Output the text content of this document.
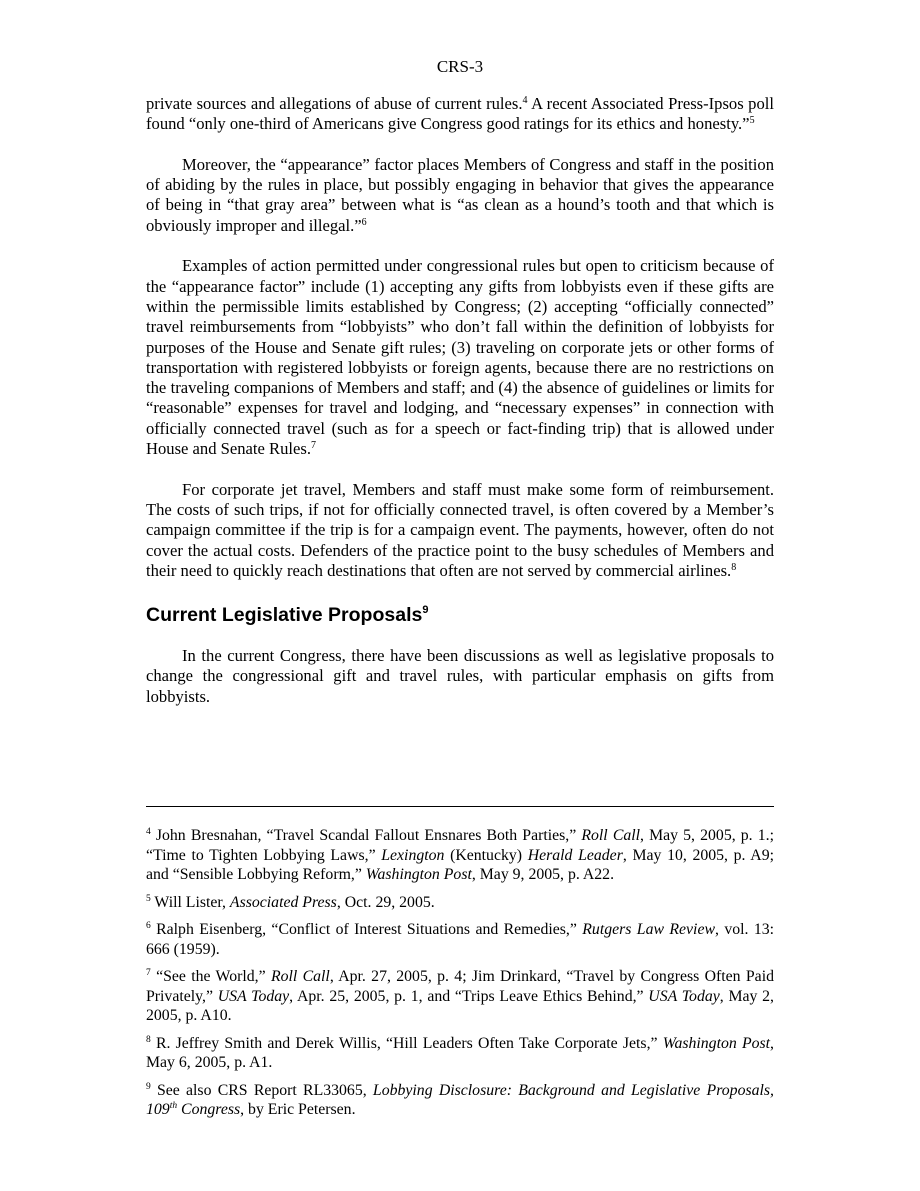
CRS-3

private sources and allegations of abuse of current rules.$^4$ A recent Associated Press-Ipsos poll found “only one-third of Americans give Congress good ratings for its ethics and honesty.”$^5$

Moreover, the “appearance” factor places Members of Congress and staff in the position of abiding by the rules in place, but possibly engaging in behavior that gives the appearance of being in “that gray area” between what is “as clean as a hound’s tooth and that which is obviously improper and illegal.”$^6$

Examples of action permitted under congressional rules but open to criticism because of the “appearance factor” include (1) accepting any gifts from lobbyists even if these gifts are within the permissible limits established by Congress; (2) accepting “officially connected” travel reimbursements from “lobbyists” who don’t fall within the definition of lobbyists for purposes of the House and Senate gift rules; (3) traveling on corporate jets or other forms of transportation with registered lobbyists or foreign agents, because there are no restrictions on the traveling companions of Members and staff; and (4) the absence of guidelines or limits for “reasonable” expenses for travel and lodging, and “necessary expenses” in connection with officially connected travel (such as for a speech or fact-finding trip) that is allowed under House and Senate Rules.$^7$

For corporate jet travel, Members and staff must make some form of reimbursement. The costs of such trips, if not for officially connected travel, is often covered by a Member’s campaign committee if the trip is for a campaign event. The payments, however, often do not cover the actual costs. Defenders of the practice point to the busy schedules of Members and their need to quickly reach destinations that often are not served by commercial airlines.$^8$

Current Legislative Proposals$^9$

In the current Congress, there have been discussions as well as legislative proposals to change the congressional gift and travel rules, with particular emphasis on gifts from lobbyists.

$^4$ John Bresnahan, “Travel Scandal Fallout Ensnares Both Parties,” Roll Call, May 5, 2005, p. 1.; “Time to Tighten Lobbying Laws,” Lexington (Kentucky) Herald Leader, May 10, 2005, p. A9; and “Sensible Lobbying Reform,” Washington Post, May 9, 2005, p. A22.

$^5$ Will Lister, Associated Press, Oct. 29, 2005.

$^6$ Ralph Eisenberg, “Conflict of Interest Situations and Remedies,” Rutgers Law Review, vol. 13: 666 (1959).

$^7$ “See the World,” Roll Call, Apr. 27, 2005, p. 4; Jim Drinkard, “Travel by Congress Often Paid Privately,” USA Today, Apr. 25, 2005, p. 1, and “Trips Leave Ethics Behind,” USA Today, May 2, 2005, p. A10.

$^8$ R. Jeffrey Smith and Derek Willis, “Hill Leaders Often Take Corporate Jets,” Washington Post, May 6, 2005, p. A1.

$^9$ See also CRS Report RL33065, Lobbying Disclosure: Background and Legislative Proposals, 109th Congress, by Eric Petersen.
